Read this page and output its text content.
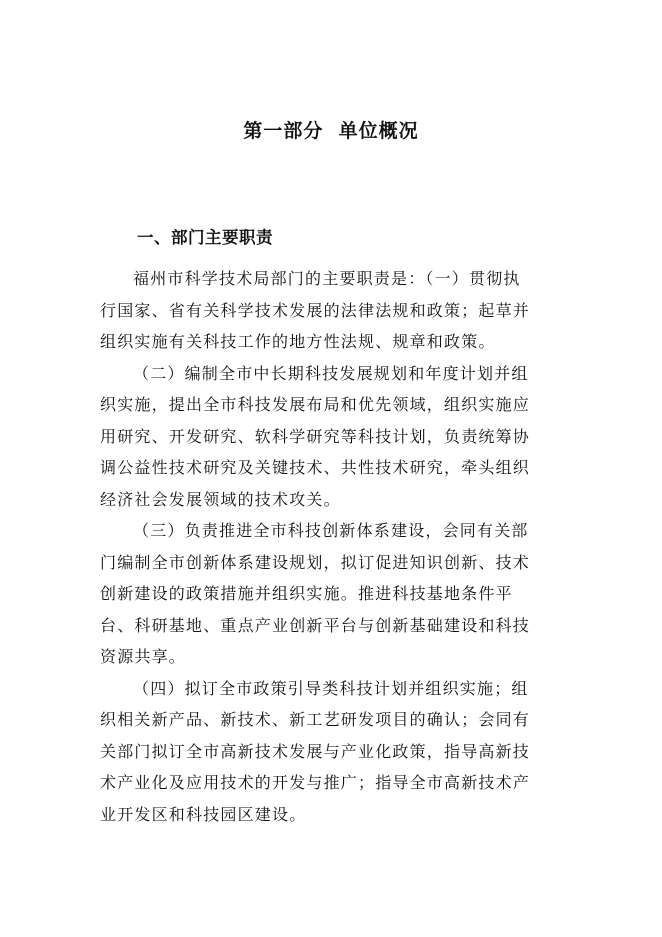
第一部分  单位概况
一、部门主要职责
福州市科学技术局部门的主要职责是：（一）贯彻执
行国家、省有关科学技术发展的法律法规和政策；起草并
组织实施有关科技工作的地方性法规、规章和政策。
（二）编制全市中长期科技发展规划和年度计划并组
织实施，提出全市科技发展布局和优先领域，组织实施应
用研究、开发研究、软科学研究等科技计划，负责统筹协
调公益性技术研究及关键技术、共性技术研究，牵头组织
经济社会发展领域的技术攻关。
（三）负责推进全市科技创新体系建设，会同有关部
门编制全市创新体系建设规划，拟订促进知识创新、技术
创新建设的政策措施并组织实施。推进科技基地条件平
台、科研基地、重点产业创新平台与创新基础建设和科技
资源共享。
（四）拟订全市政策引导类科技计划并组织实施；组
织相关新产品、新技术、新工艺研发项目的确认；会同有
关部门拟订全市高新技术发展与产业化政策，指导高新技
术产业化及应用技术的开发与推广；指导全市高新技术产
业开发区和科技园区建设。
